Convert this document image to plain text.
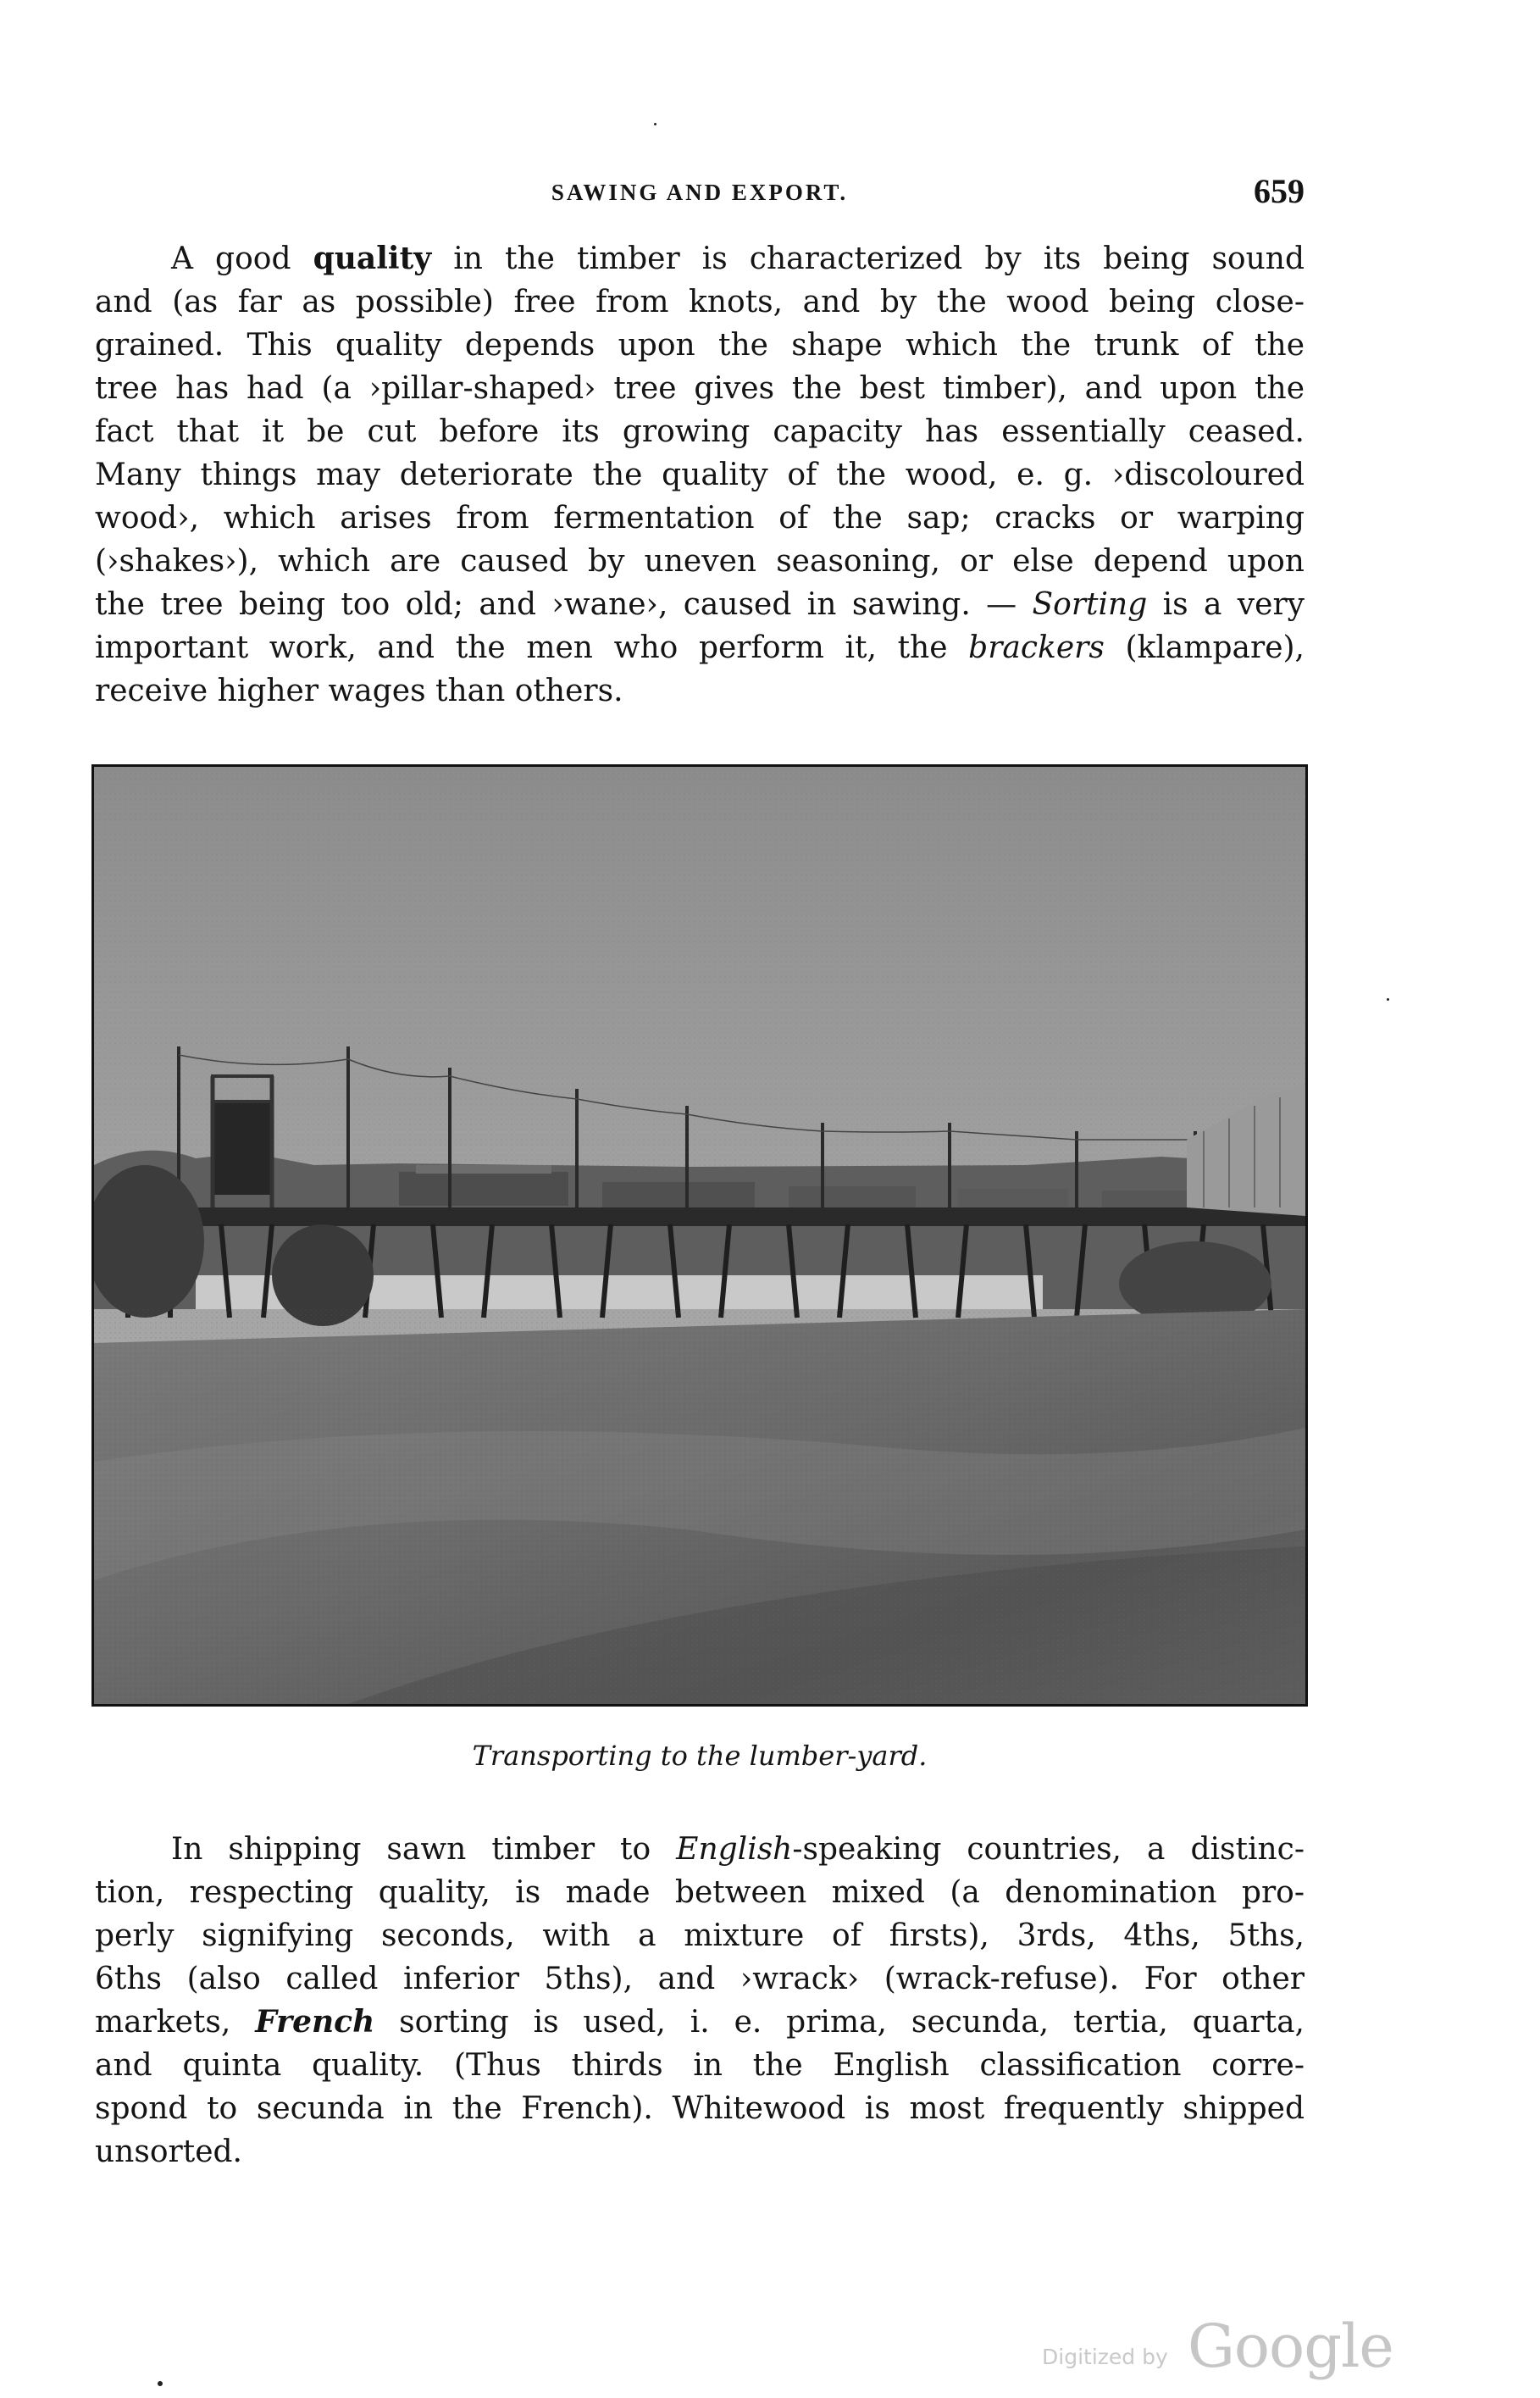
SAWING AND EXPORT.	659
A good quality in the timber is characterized by its being sound
and (as far as possible) free from knots, and by the wood being close-
grained. This quality depends upon the shape which the trunk of the
tree has had (a ›pillar-shaped› tree gives the best timber), and upon the
fact that it be cut before its growing capacity has essentially ceased.
Many things may deteriorate the quality of the wood, e. g. ›discoloured
wood›, which arises from fermentation of the sap; cracks or warping
(›shakes›), which are caused by uneven seasoning, or else depend upon
the tree being too old; and ›wane›, caused in sawing. — Sorting is a very
important work, and the men who perform it, the brackers (klampare),
receive higher wages than others.
Transporting to the lumber-yard.
In shipping sawn timber to English-speaking countries, a distinc-
tion, respecting quality, is made between mixed (a denomination pro-
perly signifying seconds, with a mixture of firsts), 3rds, 4ths, 5ths,
6ths (also called inferior 5ths), and ›wrack› (wrack-refuse). For other
markets, French sorting is used, i. e. prima, secunda, tertia, quarta,
and quinta quality. (Thus thirds in the English classification corre-
spond to secunda in the French). Whitewood is most frequently shipped
unsorted.
Digitized by Google
